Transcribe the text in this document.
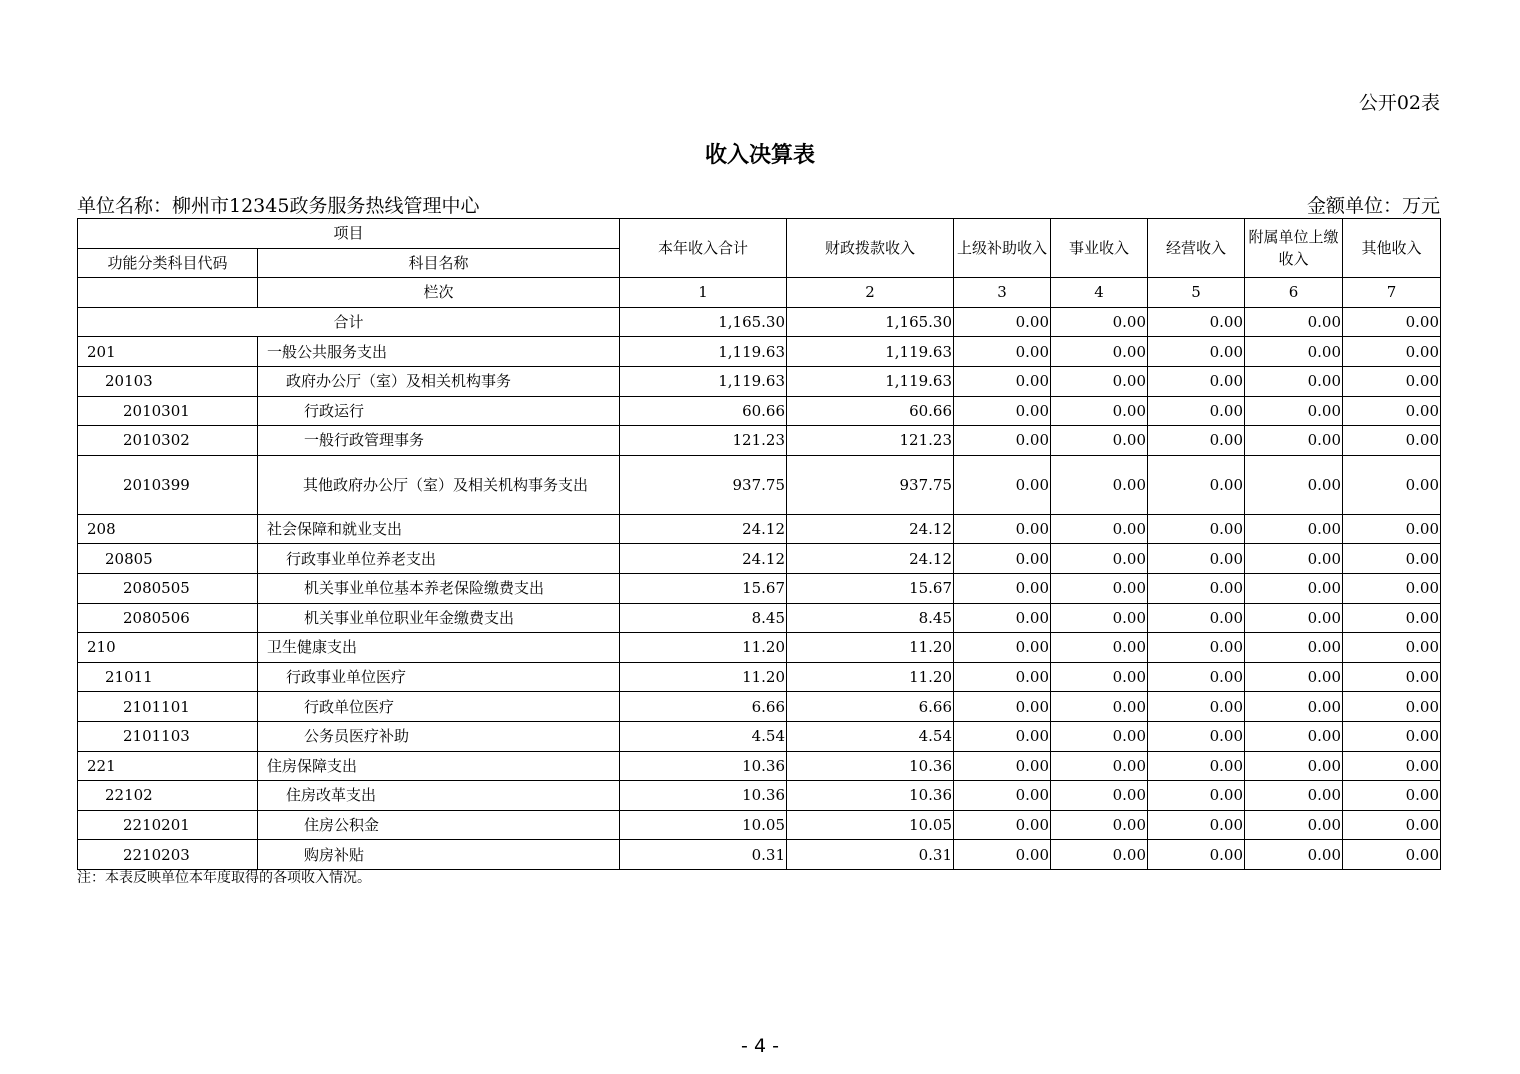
公开02表
收入决算表
单位名称：柳州市12345政务服务热线管理中心	金额单位：万元
项目		本年收入合计	财政拨款收入	上级补助收入	事业收入	经营收入	附属单位上缴收入	其他收入
功能分类科目代码	科目名称							
	栏次	1	2	3	4	5	6	7
合计		1,165.30	1,165.30	0.00	0.00	0.00	0.00	0.00
201	一般公共服务支出	1,119.63	1,119.63	0.00	0.00	0.00	0.00	0.00
20103	政府办公厅（室）及相关机构事务	1,119.63	1,119.63	0.00	0.00	0.00	0.00	0.00
2010301	行政运行	60.66	60.66	0.00	0.00	0.00	0.00	0.00
2010302	一般行政管理事务	121.23	121.23	0.00	0.00	0.00	0.00	0.00
2010399	其他政府办公厅（室）及相关机构事务支出	937.75	937.75	0.00	0.00	0.00	0.00	0.00
208	社会保障和就业支出	24.12	24.12	0.00	0.00	0.00	0.00	0.00
20805	行政事业单位养老支出	24.12	24.12	0.00	0.00	0.00	0.00	0.00
2080505	机关事业单位基本养老保险缴费支出	15.67	15.67	0.00	0.00	0.00	0.00	0.00
2080506	机关事业单位职业年金缴费支出	8.45	8.45	0.00	0.00	0.00	0.00	0.00
210	卫生健康支出	11.20	11.20	0.00	0.00	0.00	0.00	0.00
21011	行政事业单位医疗	11.20	11.20	0.00	0.00	0.00	0.00	0.00
2101101	行政单位医疗	6.66	6.66	0.00	0.00	0.00	0.00	0.00
2101103	公务员医疗补助	4.54	4.54	0.00	0.00	0.00	0.00	0.00
221	住房保障支出	10.36	10.36	0.00	0.00	0.00	0.00	0.00
22102	住房改革支出	10.36	10.36	0.00	0.00	0.00	0.00	0.00
2210201	住房公积金	10.05	10.05	0.00	0.00	0.00	0.00	0.00
2210203	购房补贴	0.31	0.31	0.00	0.00	0.00	0.00	0.00
注：本表反映单位本年度取得的各项收入情况。
- 4 -
